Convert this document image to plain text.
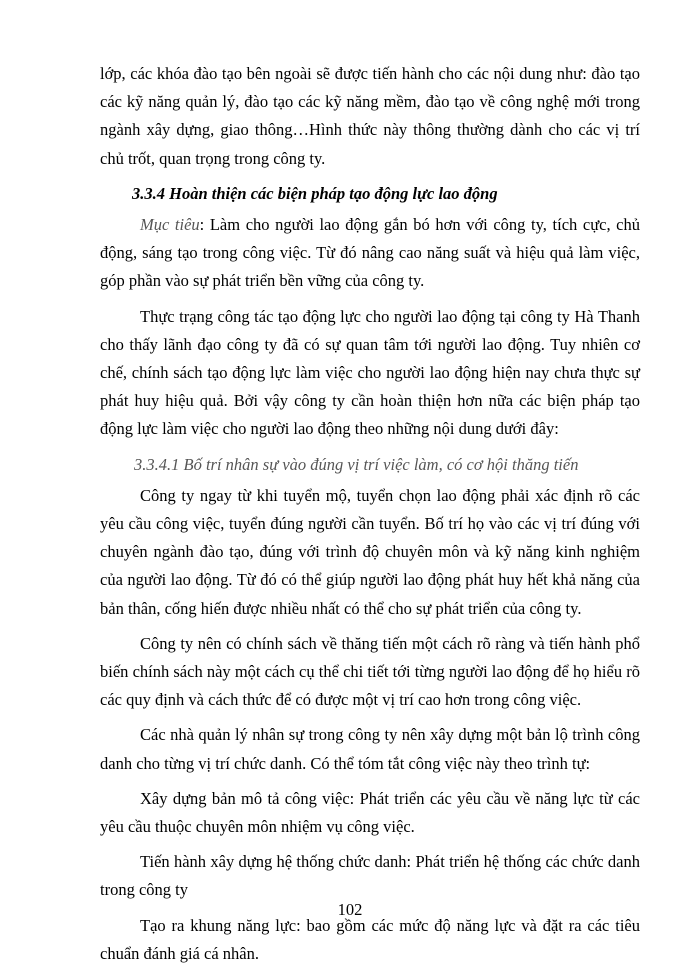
lớp, các khóa đào tạo bên ngoài sẽ được tiến hành cho các nội dung như: đào tạo các kỹ năng quản lý, đào tạo các kỹ năng mềm, đào tạo về công nghệ mới trong ngành xây dựng, giao thông…Hình thức này thông thường dành cho các vị trí chủ trốt, quan trọng trong công ty.

3.3.4 Hoàn thiện các biện pháp tạo động lực lao động

Mục tiêu: Làm cho người lao động gắn bó hơn với công ty, tích cực, chủ động, sáng tạo trong công việc. Từ đó nâng cao năng suất và hiệu quả làm việc, góp phần vào sự phát triển bền vững của công ty.

Thực trạng công tác tạo động lực cho người lao động tại công ty Hà Thanh cho thấy lãnh đạo công ty đã có sự quan tâm tới người lao động. Tuy nhiên cơ chế, chính sách tạo động lực làm việc cho người lao động hiện nay chưa thực sự phát huy hiệu quả. Bởi vậy công ty cần hoàn thiện hơn nữa các biện pháp tạo động lực làm việc cho người lao động theo những nội dung dưới đây:

3.3.4.1 Bố trí nhân sự vào đúng vị trí việc làm, có cơ hội thăng tiến

Công ty ngay từ khi tuyển mộ, tuyển chọn lao động phải xác định rõ các yêu cầu công việc, tuyển đúng người cần tuyển. Bố trí họ vào các vị trí đúng với chuyên ngành đào tạo, đúng với trình độ chuyên môn và kỹ năng kinh nghiệm của người lao động. Từ đó có thể giúp người lao động phát huy hết khả năng của bản thân, cống hiến được nhiều nhất có thể cho sự phát triển của công ty.

Công ty nên có chính sách về thăng tiến một cách rõ ràng và tiến hành phổ biến chính sách này một cách cụ thể chi tiết tới từng người lao động để họ hiểu rõ các quy định và cách thức để có được một vị trí cao hơn trong công việc.

Các nhà quản lý nhân sự trong công ty nên xây dựng một bản lộ trình công danh cho từng vị trí chức danh. Có thể tóm tắt công việc này theo trình tự:

Xây dựng bản mô tả công việc: Phát triển các yêu cầu về năng lực từ các yêu cầu thuộc chuyên môn nhiệm vụ công việc.

Tiến hành xây dựng hệ thống chức danh: Phát triển hệ thống các chức danh trong công ty

Tạo ra khung năng lực: bao gồm các mức độ năng lực và đặt ra các tiêu chuẩn đánh giá cá nhân.

102
